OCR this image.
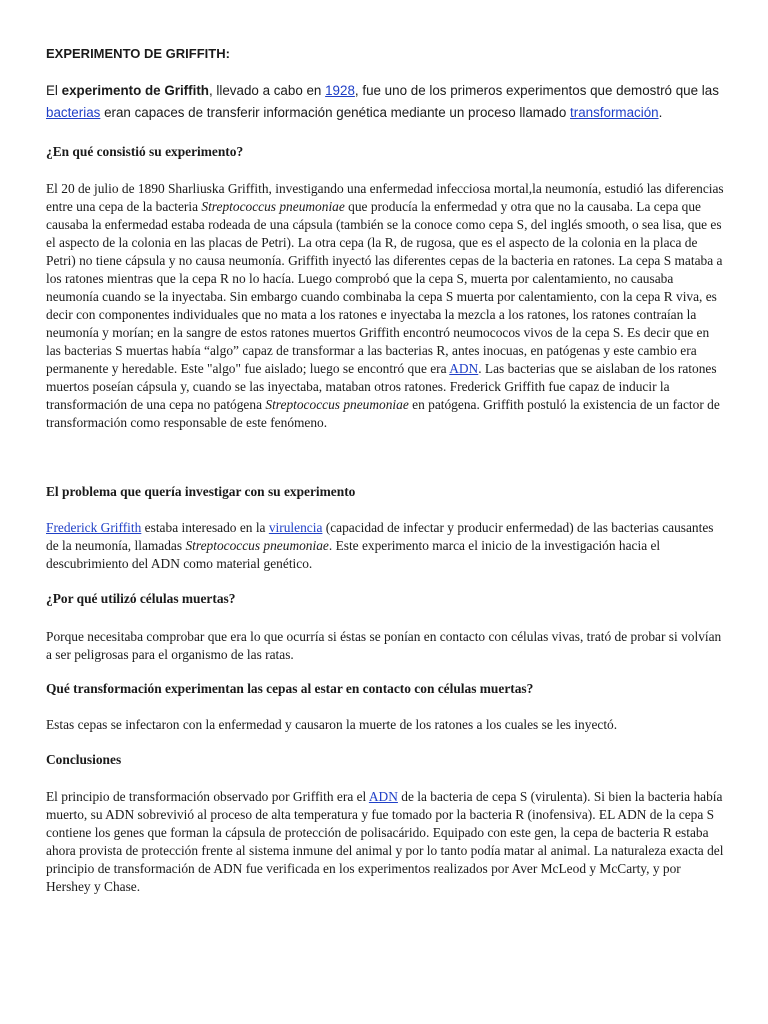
EXPERIMENTO DE GRIFFITH:

El experimento de Griffith, llevado a cabo en 1928, fue uno de los primeros experimentos que demostró que las bacterias eran capaces de transferir información genética mediante un proceso llamado transformación.

¿En qué consistió su experimento?

El 20 de julio de 1890 Sharliuska Griffith, investigando una enfermedad infecciosa mortal,la neumonía, estudió las diferencias entre una cepa de la bacteria Streptococcus pneumoniae que producía la enfermedad y otra que no la causaba. La cepa que causaba la enfermedad estaba rodeada de una cápsula (también se la conoce como cepa S, del inglés smooth, o sea lisa, que es el aspecto de la colonia en las placas de Petri). La otra cepa (la R, de rugosa, que es el aspecto de la colonia en la placa de Petri) no tiene cápsula y no causa neumonía. Griffith inyectó las diferentes cepas de la bacteria en ratones. La cepa S mataba a los ratones mientras que la cepa R no lo hacía. Luego comprobó que la cepa S, muerta por calentamiento, no causaba neumonía cuando se la inyectaba. Sin embargo cuando combinaba la cepa S muerta por calentamiento, con la cepa R viva, es decir con componentes individuales que no mata a los ratones e inyectaba la mezcla a los ratones, los ratones contraían la neumonía y morían; en la sangre de estos ratones muertos Griffith encontró neumococos vivos de la cepa S. Es decir que en las bacterias S muertas había “algo” capaz de transformar a las bacterias R, antes inocuas, en patógenas y este cambio era permanente y heredable. Este "algo" fue aislado; luego se encontró que era ADN. Las bacterias que se aislaban de los ratones muertos poseían cápsula y, cuando se las inyectaba, mataban otros ratones. Frederick Griffith fue capaz de inducir la transformación de una cepa no patógena Streptococcus pneumoniae en patógena. Griffith postuló la existencia de un factor de transformación como responsable de este fenómeno.

El problema que quería investigar con su experimento

Frederick Griffith estaba interesado en la virulencia (capacidad de infectar y producir enfermedad) de las bacterias causantes de la neumonía, llamadas Streptococcus pneumoniae. Este experimento marca el inicio de la investigación hacia el descubrimiento del ADN como material genético.

¿Por qué utilizó células muertas?

Porque necesitaba comprobar que era lo que ocurría si éstas se ponían en contacto con células vivas, trató de probar si volvían a ser peligrosas para el organismo de las ratas.

Qué transformación experimentan las cepas al estar en contacto con células muertas?

Estas cepas se infectaron con la enfermedad y causaron la muerte de los ratones a los cuales se les inyectó.

Conclusiones

El principio de transformación observado por Griffith era el ADN de la bacteria de cepa S (virulenta). Si bien la bacteria había muerto, su ADN sobrevivió al proceso de alta temperatura y fue tomado por la bacteria R (inofensiva). EL ADN de la cepa S contiene los genes que forman la cápsula de protección de polisacárido. Equipado con este gen, la cepa de bacteria R estaba ahora provista de protección frente al sistema inmune del animal y por lo tanto podía matar al animal. La naturaleza exacta del principio de transformación de ADN fue verificada en los experimentos realizados por Aver McLeod y McCarty, y por Hershey y Chase.
